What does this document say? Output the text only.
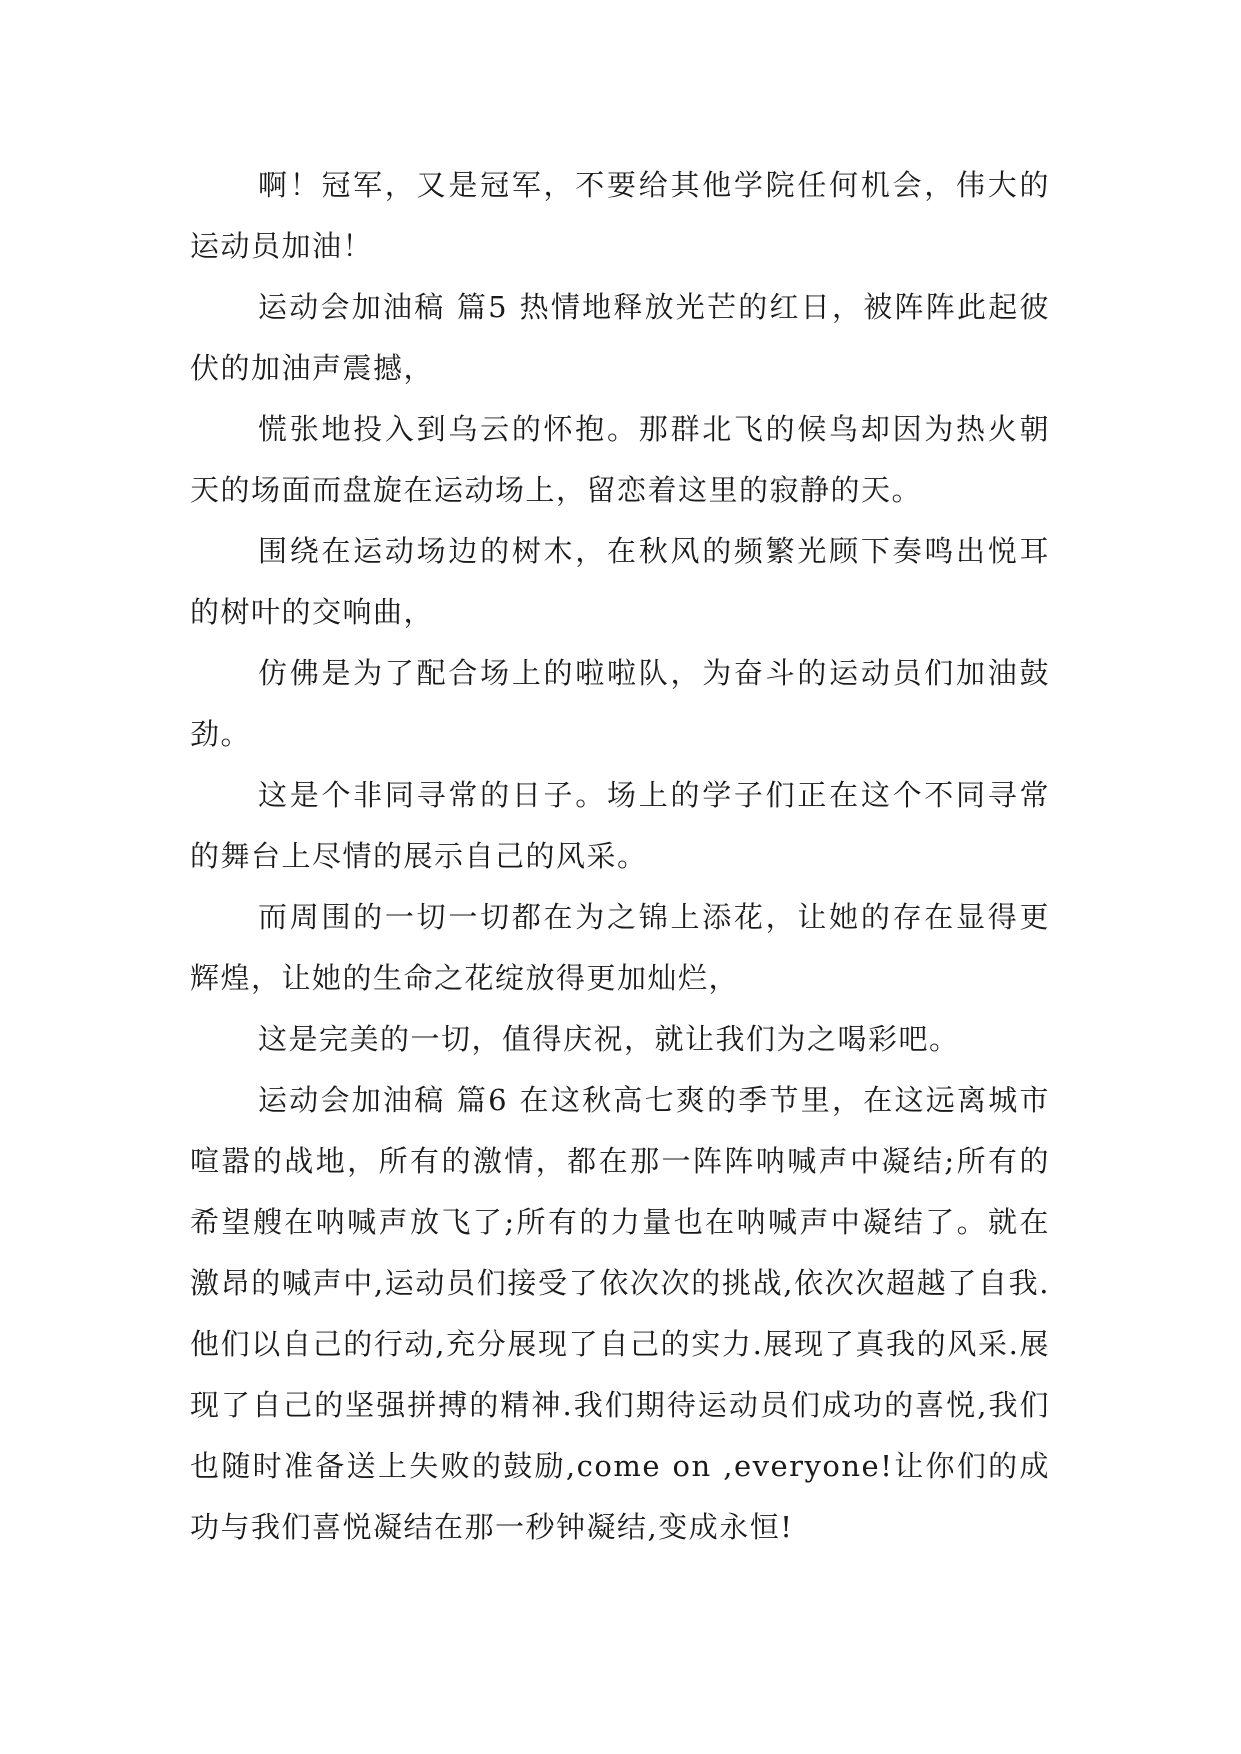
啊！冠军，又是冠军，不要给其他学院任何机会，伟大的运动员加油！

运动会加油稿 篇5 热情地释放光芒的红日，被阵阵此起彼伏的加油声震撼，

慌张地投入到乌云的怀抱。那群北飞的候鸟却因为热火朝天的场面而盘旋在运动场上，留恋着这里的寂静的天。

围绕在运动场边的树木，在秋风的频繁光顾下奏鸣出悦耳的树叶的交响曲，

仿佛是为了配合场上的啦啦队，为奋斗的运动员们加油鼓劲。

这是个非同寻常的日子。场上的学子们正在这个不同寻常的舞台上尽情的展示自己的风采。

而周围的一切一切都在为之锦上添花，让她的存在显得更辉煌，让她的生命之花绽放得更加灿烂，

这是完美的一切，值得庆祝，就让我们为之喝彩吧。

运动会加油稿 篇6 在这秋高七爽的季节里，在这远离城市喧嚣的战地，所有的激情，都在那一阵阵呐喊声中凝结;所有的希望艘在呐喊声放飞了;所有的力量也在呐喊声中凝结了。就在激昂的喊声中,运动员们接受了依次次的挑战,依次次超越了自我.他们以自己的行动,充分展现了自己的实力.展现了真我的风采.展现了自己的坚强拼搏的精神.我们期待运动员们成功的喜悦,我们也随时准备送上失败的鼓励,come on ,everyone!让你们的成功与我们喜悦凝结在那一秒钟凝结,变成永恒!
